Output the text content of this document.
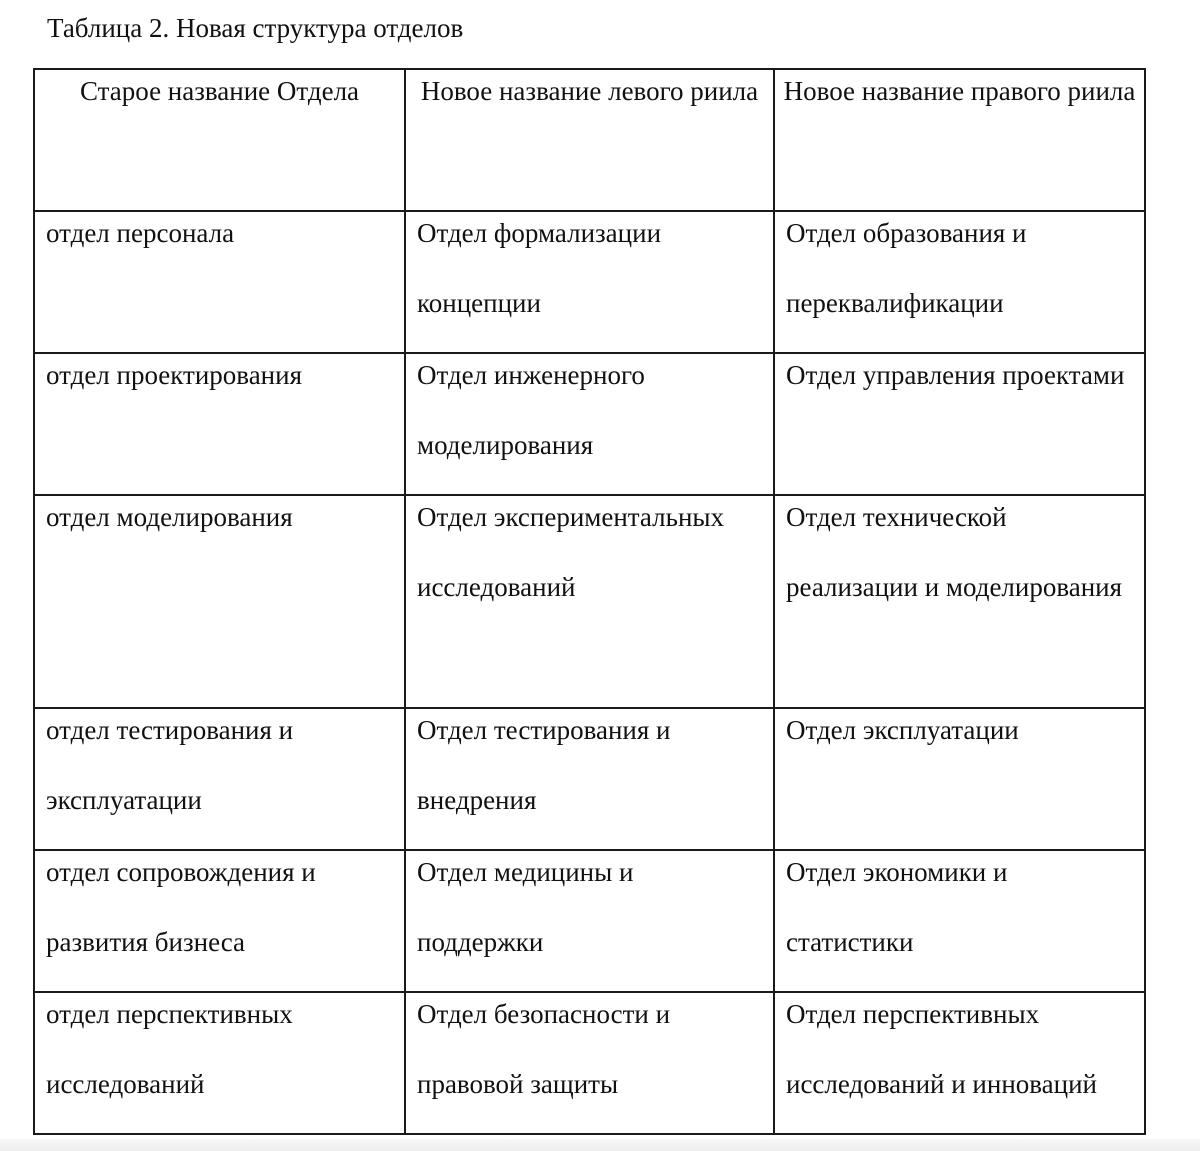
Таблица 2. Новая структура отделов
Старое название Отдела	Новое название левого риила	Новое название правого риила

отдел персонала	Отдел формализации концепции	Отдел образования и переквалификации

отдел проектирования	Отдел инженерного моделирования	Отдел управления проектами

отдел моделирования	Отдел экспериментальных исследований	Отдел технической реализации и моделирования

отдел тестирования и эксплуатации	Отдел тестирования и внедрения	Отдел эксплуатации

отдел сопровождения и развития бизнеса	Отдел медицины и поддержки	Отдел экономики и статистики

отдел перспективных исследований	Отдел безопасности и правовой защиты	Отдел перспективных исследований и инноваций
